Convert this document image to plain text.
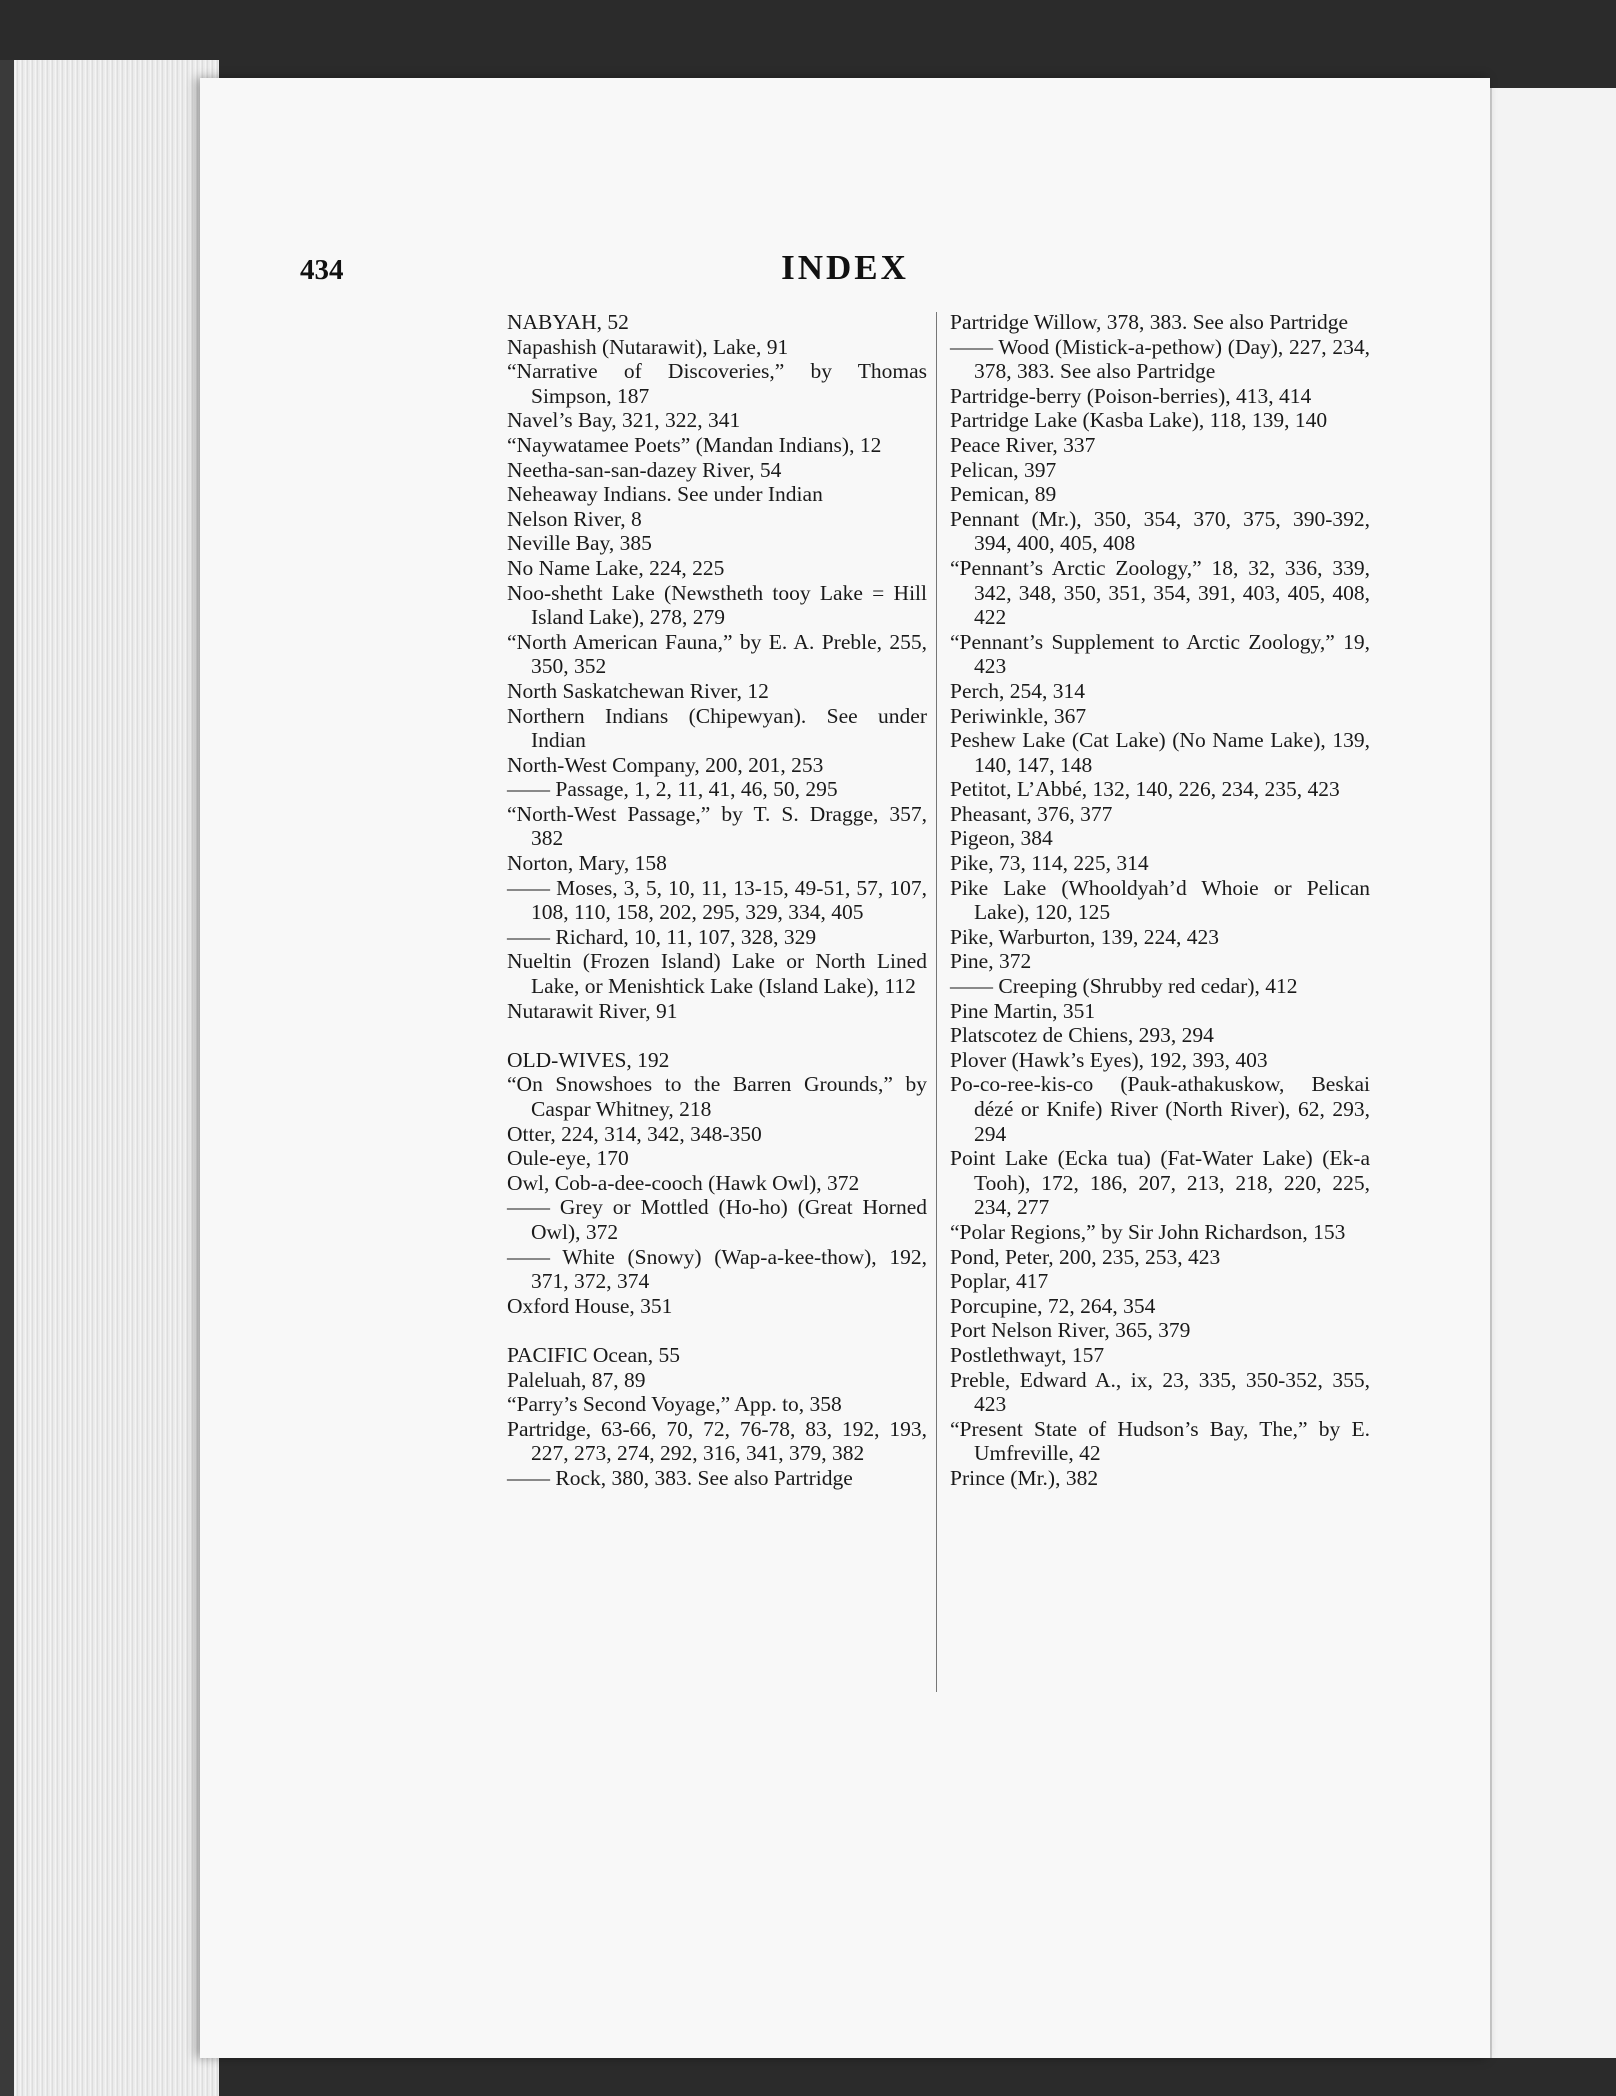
434	INDEX
NABYAH, 52
Napashish (Nutarawit), Lake, 91
“Narrative of Discoveries,” by Thomas Simpson, 187
Navel’s Bay, 321, 322, 341
“Naywatamee Poets” (Mandan Indians), 12
Neetha-san-san-dazey River, 54
Neheaway Indians. See under Indian
Nelson River, 8
Neville Bay, 385
No Name Lake, 224, 225
Noo-shetht Lake (Newstheth tooy Lake = Hill Island Lake), 278, 279
“North American Fauna,” by E. A. Preble, 255, 350, 352
North Saskatchewan River, 12
Northern Indians (Chipewyan). See under Indian
North-West Company, 200, 201, 253
—— Passage, 1, 2, 11, 41, 46, 50, 295
“North-West Passage,” by T. S. Dragge, 357, 382
Norton, Mary, 158
—— Moses, 3, 5, 10, 11, 13-15, 49-51, 57, 107, 108, 110, 158, 202, 295, 329, 334, 405
—— Richard, 10, 11, 107, 328, 329
Nueltin (Frozen Island) Lake or North Lined Lake, or Menishtick Lake (Island Lake), 112
Nutarawit River, 91
OLD-WIVES, 192
“On Snowshoes to the Barren Grounds,” by Caspar Whitney, 218
Otter, 224, 314, 342, 348-350
Oule-eye, 170
Owl, Cob-a-dee-cooch (Hawk Owl), 372
—— Grey or Mottled (Ho-ho) (Great Horned Owl), 372
—— White (Snowy) (Wap-a-kee-thow), 192, 371, 372, 374
Oxford House, 351
PACIFIC Ocean, 55
Paleluah, 87, 89
“Parry’s Second Voyage,” App. to, 358
Partridge, 63-66, 70, 72, 76-78, 83, 192, 193, 227, 273, 274, 292, 316, 341, 379, 382
—— Rock, 380, 383. See also Partridge
Partridge Willow, 378, 383. See also Partridge
—— Wood (Mistick-a-pethow) (Day), 227, 234, 378, 383. See also Partridge
Partridge-berry (Poison-berries), 413, 414
Partridge Lake (Kasba Lake), 118, 139, 140
Peace River, 337
Pelican, 397
Pemican, 89
Pennant (Mr.), 350, 354, 370, 375, 390-392, 394, 400, 405, 408
“Pennant’s Arctic Zoology,” 18, 32, 336, 339, 342, 348, 350, 351, 354, 391, 403, 405, 408, 422
“Pennant’s Supplement to Arctic Zoology,” 19, 423
Perch, 254, 314
Periwinkle, 367
Peshew Lake (Cat Lake) (No Name Lake), 139, 140, 147, 148
Petitot, L’Abbé, 132, 140, 226, 234, 235, 423
Pheasant, 376, 377
Pigeon, 384
Pike, 73, 114, 225, 314
Pike Lake (Whooldyah’d Whoie or Pelican Lake), 120, 125
Pike, Warburton, 139, 224, 423
Pine, 372
—— Creeping (Shrubby red cedar), 412
Pine Martin, 351
Platscotez de Chiens, 293, 294
Plover (Hawk’s Eyes), 192, 393, 403
Po-co-ree-kis-co (Pauk-athakuskow, Beskai dézé or Knife) River (North River), 62, 293, 294
Point Lake (Ecka tua) (Fat-Water Lake) (Ek-a Tooh), 172, 186, 207, 213, 218, 220, 225, 234, 277
“Polar Regions,” by Sir John Richardson, 153
Pond, Peter, 200, 235, 253, 423
Poplar, 417
Porcupine, 72, 264, 354
Port Nelson River, 365, 379
Postlethwayt, 157
Preble, Edward A., ix, 23, 335, 350-352, 355, 423
“Present State of Hudson’s Bay, The,” by E. Umfreville, 42
Prince (Mr.), 382
